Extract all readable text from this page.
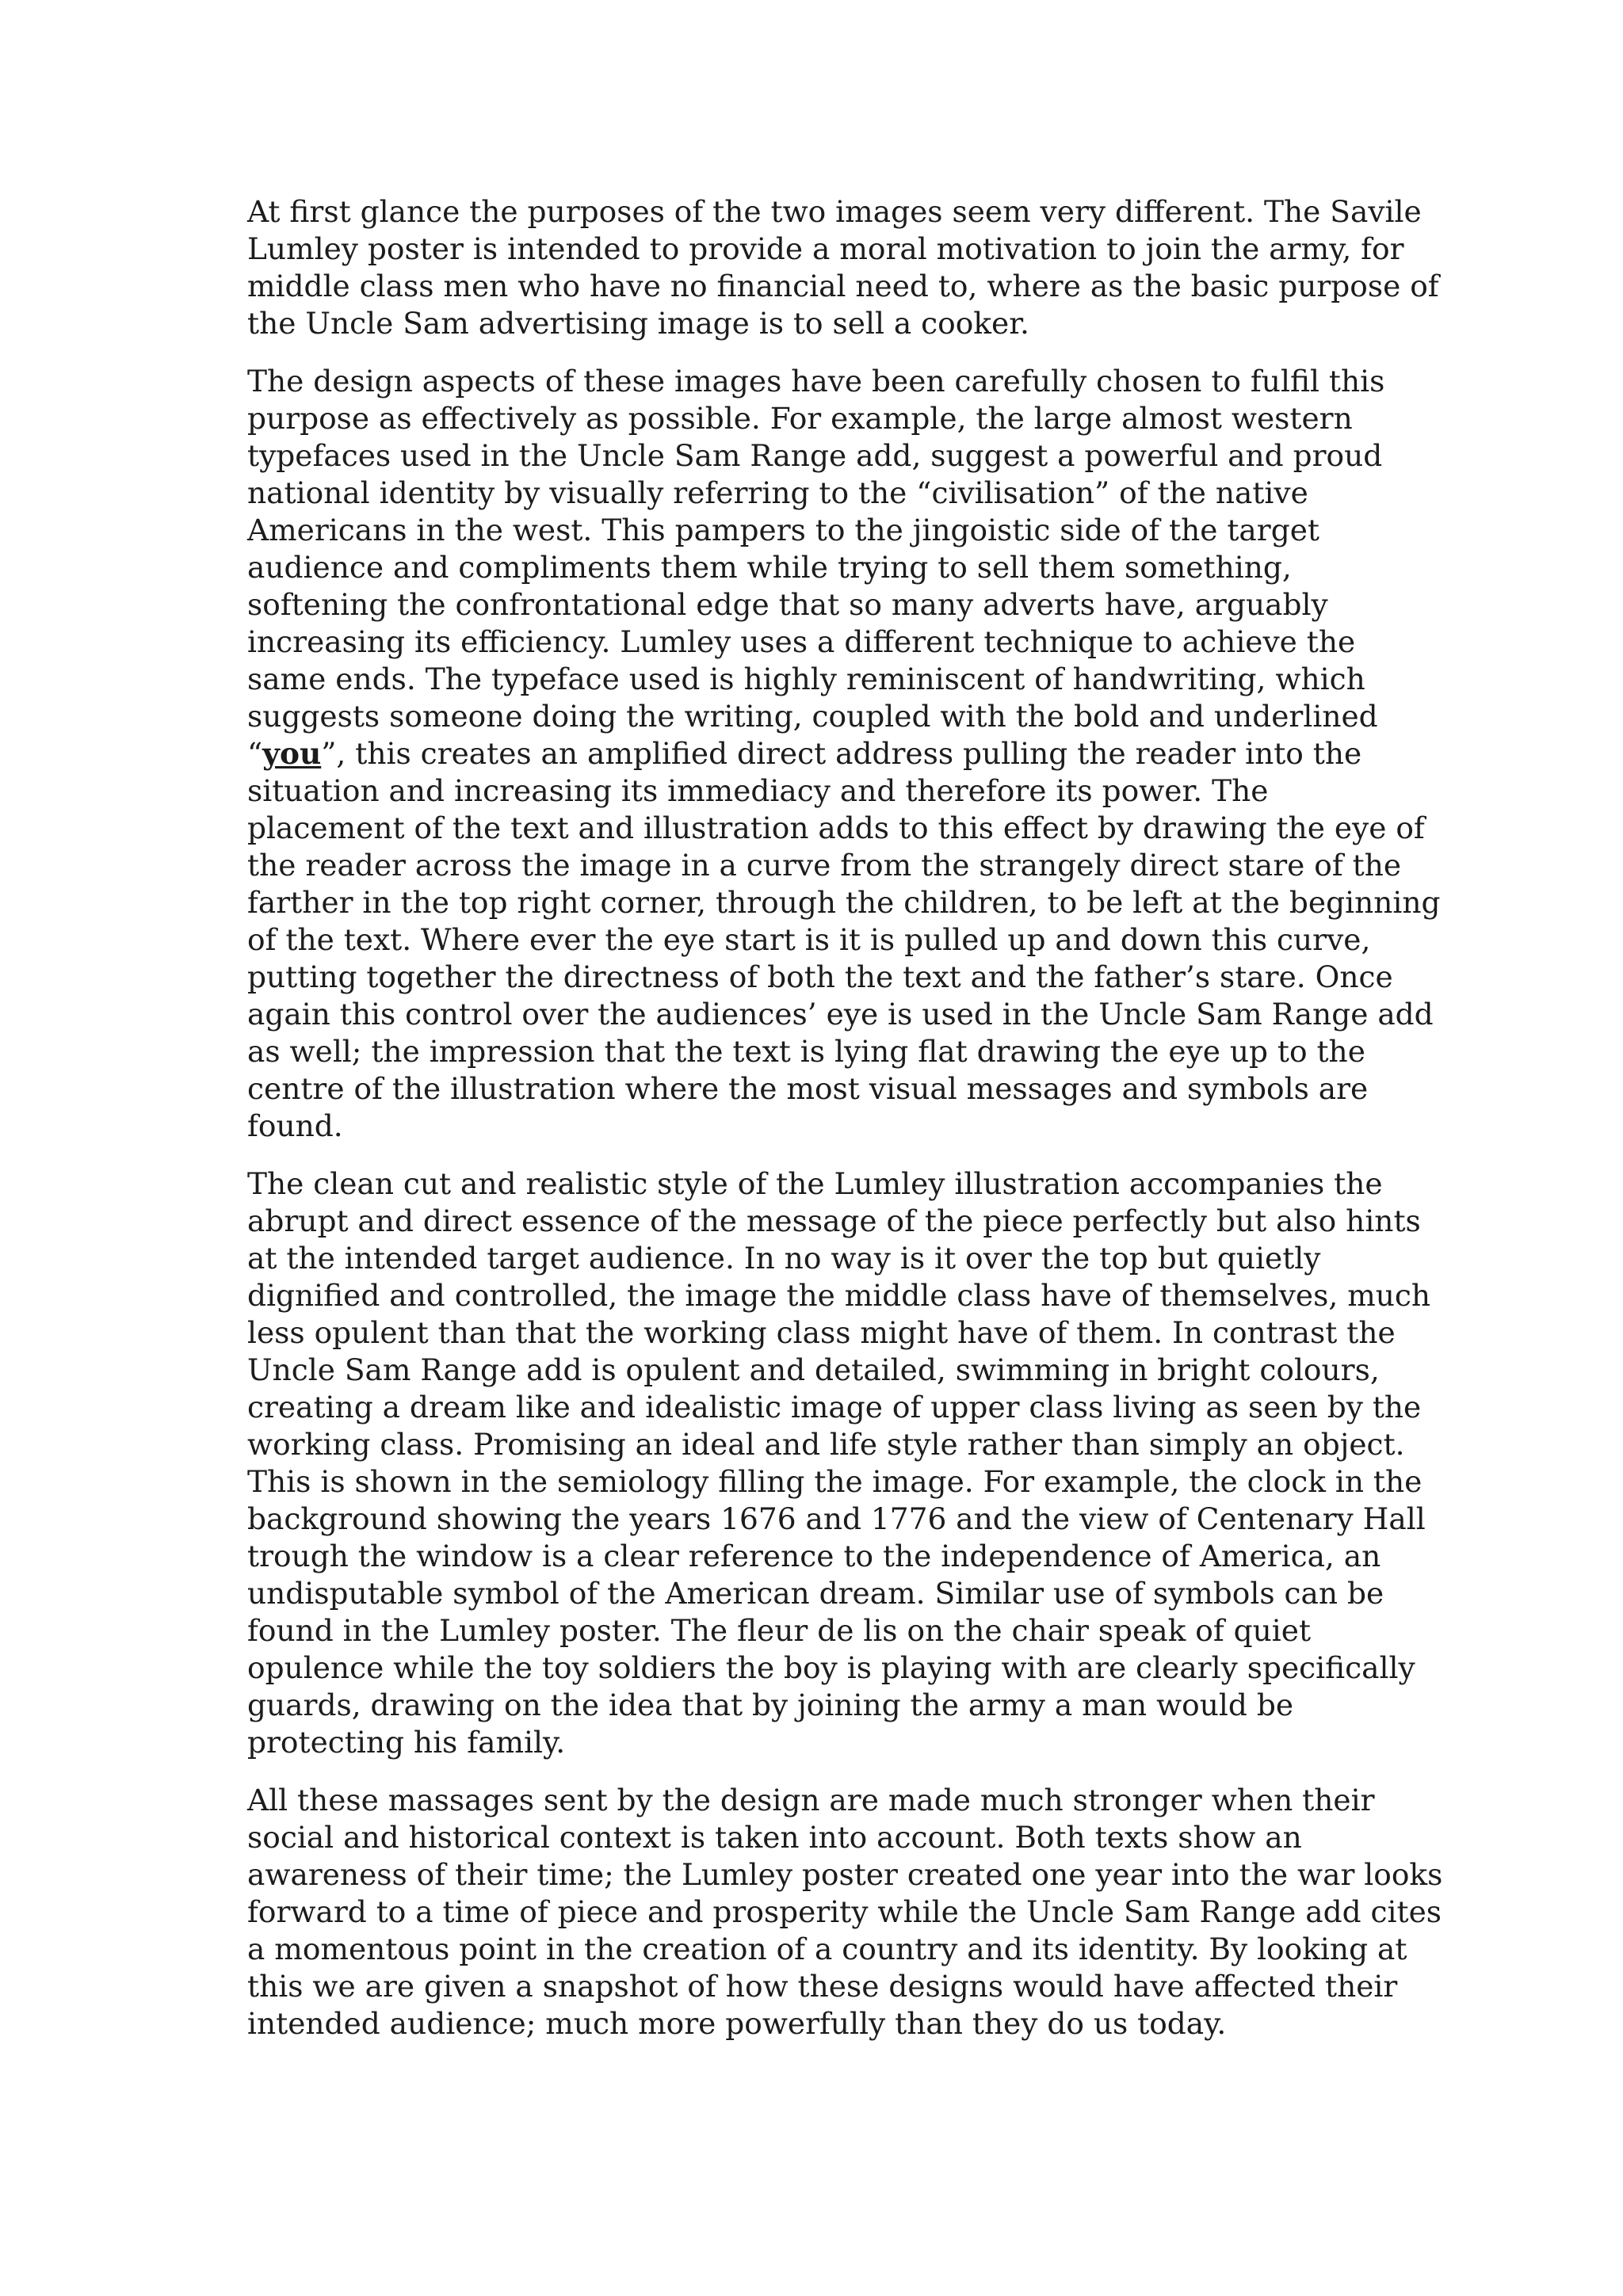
At first glance the purposes of the two images seem very different. The Savile
Lumley poster is intended to provide a moral motivation to join the army, for
middle class men who have no financial need to, where as the basic purpose of
the Uncle Sam advertising image is to sell a cooker.

The design aspects of these images have been carefully chosen to fulfil this
purpose as effectively as possible. For example, the large almost western
typefaces used in the Uncle Sam Range add, suggest a powerful and proud
national identity by visually referring to the “civilisation” of the native
Americans in the west. This pampers to the jingoistic side of the target
audience and compliments them while trying to sell them something,
softening the confrontational edge that so many adverts have, arguably
increasing its efficiency. Lumley uses a different technique to achieve the
same ends. The typeface used is highly reminiscent of handwriting, which
suggests someone doing the writing, coupled with the bold and underlined
“you”, this creates an amplified direct address pulling the reader into the
situation and increasing its immediacy and therefore its power. The
placement of the text and illustration adds to this effect by drawing the eye of
the reader across the image in a curve from the strangely direct stare of the
farther in the top right corner, through the children, to be left at the beginning
of the text. Where ever the eye start is it is pulled up and down this curve,
putting together the directness of both the text and the father’s stare. Once
again this control over the audiences’ eye is used in the Uncle Sam Range add
as well; the impression that the text is lying flat drawing the eye up to the
centre of the illustration where the most visual messages and symbols are
found.

The clean cut and realistic style of the Lumley illustration accompanies the
abrupt and direct essence of the message of the piece perfectly but also hints
at the intended target audience. In no way is it over the top but quietly
dignified and controlled, the image the middle class have of themselves, much
less opulent than that the working class might have of them. In contrast the
Uncle Sam Range add is opulent and detailed, swimming in bright colours,
creating a dream like and idealistic image of upper class living as seen by the
working class. Promising an ideal and life style rather than simply an object.
This is shown in the semiology filling the image. For example, the clock in the
background showing the years 1676 and 1776 and the view of Centenary Hall
trough the window is a clear reference to the independence of America, an
undisputable symbol of the American dream. Similar use of symbols can be
found in the Lumley poster. The fleur de lis on the chair speak of quiet
opulence while the toy soldiers the boy is playing with are clearly specifically
guards, drawing on the idea that by joining the army a man would be
protecting his family.

All these massages sent by the design are made much stronger when their
social and historical context is taken into account. Both texts show an
awareness of their time; the Lumley poster created one year into the war looks
forward to a time of piece and prosperity while the Uncle Sam Range add cites
a momentous point in the creation of a country and its identity. By looking at
this we are given a snapshot of how these designs would have affected their
intended audience; much more powerfully than they do us today.
